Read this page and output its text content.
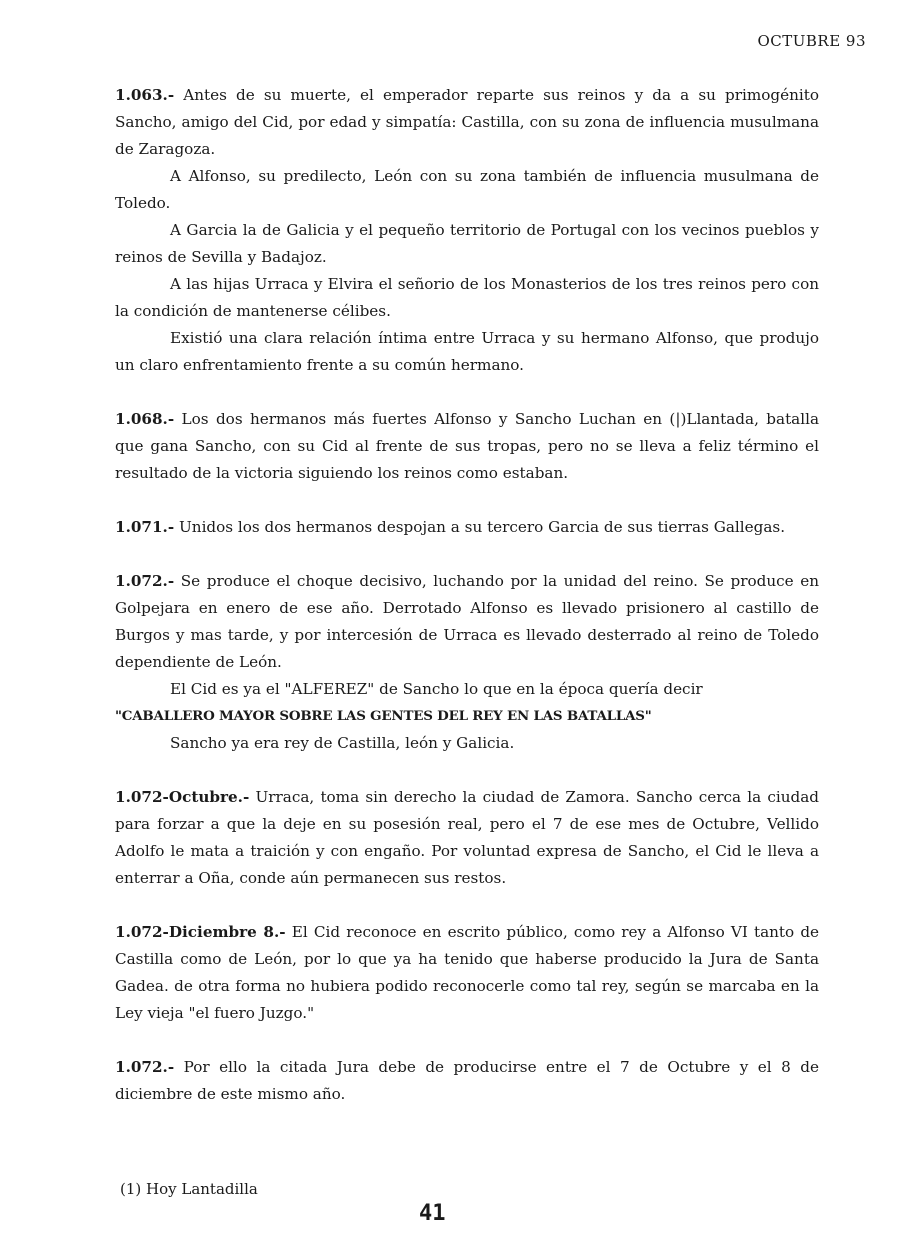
OCTUBRE 93

1.063.- Antes de su muerte, el emperador reparte sus reinos y da a su primogénito Sancho, amigo del Cid, por edad y simpatía: Castilla, con su zona de influencia musulmana de Zaragoza.

A Alfonso, su predilecto, León con su zona también de influencia musulmana de Toledo.

A Garcia la de Galicia y el pequeño territorio de Portugal con los vecinos pueblos y reinos de Sevilla y Badajoz.

A las hijas Urraca y Elvira el señorio de los Monasterios de los tres reinos pero con la condición de mantenerse célibes.

Existió una clara relación íntima entre Urraca y su hermano Alfonso, que produjo un claro enfrentamiento frente a su común hermano.

1.068.- Los dos hermanos más fuertes Alfonso y Sancho Luchan en (|)Llantada, batalla que gana Sancho, con su Cid al frente de sus tropas, pero no se lleva a feliz término el resultado de la victoria siguiendo los reinos como estaban.

1.071.- Unidos los dos hermanos despojan a su tercero Garcia de sus tierras Gallegas.

1.072.- Se produce el choque decisivo, luchando por la unidad del reino. Se produce en Golpejara en enero de ese año. Derrotado Alfonso es llevado prisionero al castillo de Burgos y mas tarde, y por intercesión de Urraca es llevado desterrado al reino de Toledo dependiente de León.

El Cid es ya el "ALFEREZ" de Sancho lo que en la época quería decir

"CABALLERO MAYOR SOBRE LAS GENTES DEL REY EN LAS BATALLAS"

Sancho ya era rey de Castilla, león y Galicia.

1.072-Octubre.- Urraca, toma sin derecho la ciudad de Zamora. Sancho cerca la ciudad para forzar a que la deje en su posesión real, pero el 7 de ese mes de Octubre, Vellido Adolfo le mata a traición y con engaño. Por voluntad expresa de Sancho, el Cid le lleva a enterrar a Oña, conde aún permanecen sus restos.

1.072-Diciembre 8.- El Cid reconoce en escrito público, como rey a Alfonso VI tanto de Castilla como de León, por lo que ya ha tenido que haberse producido la Jura de Santa Gadea. de otra forma no hubiera podido reconocerle como tal rey, según se marcaba en la Ley vieja "el fuero Juzgo."

1.072.- Por ello la citada Jura debe de producirse entre el 7 de Octubre y el 8 de diciembre de este mismo año.

(1) Hoy Lantadilla
41
